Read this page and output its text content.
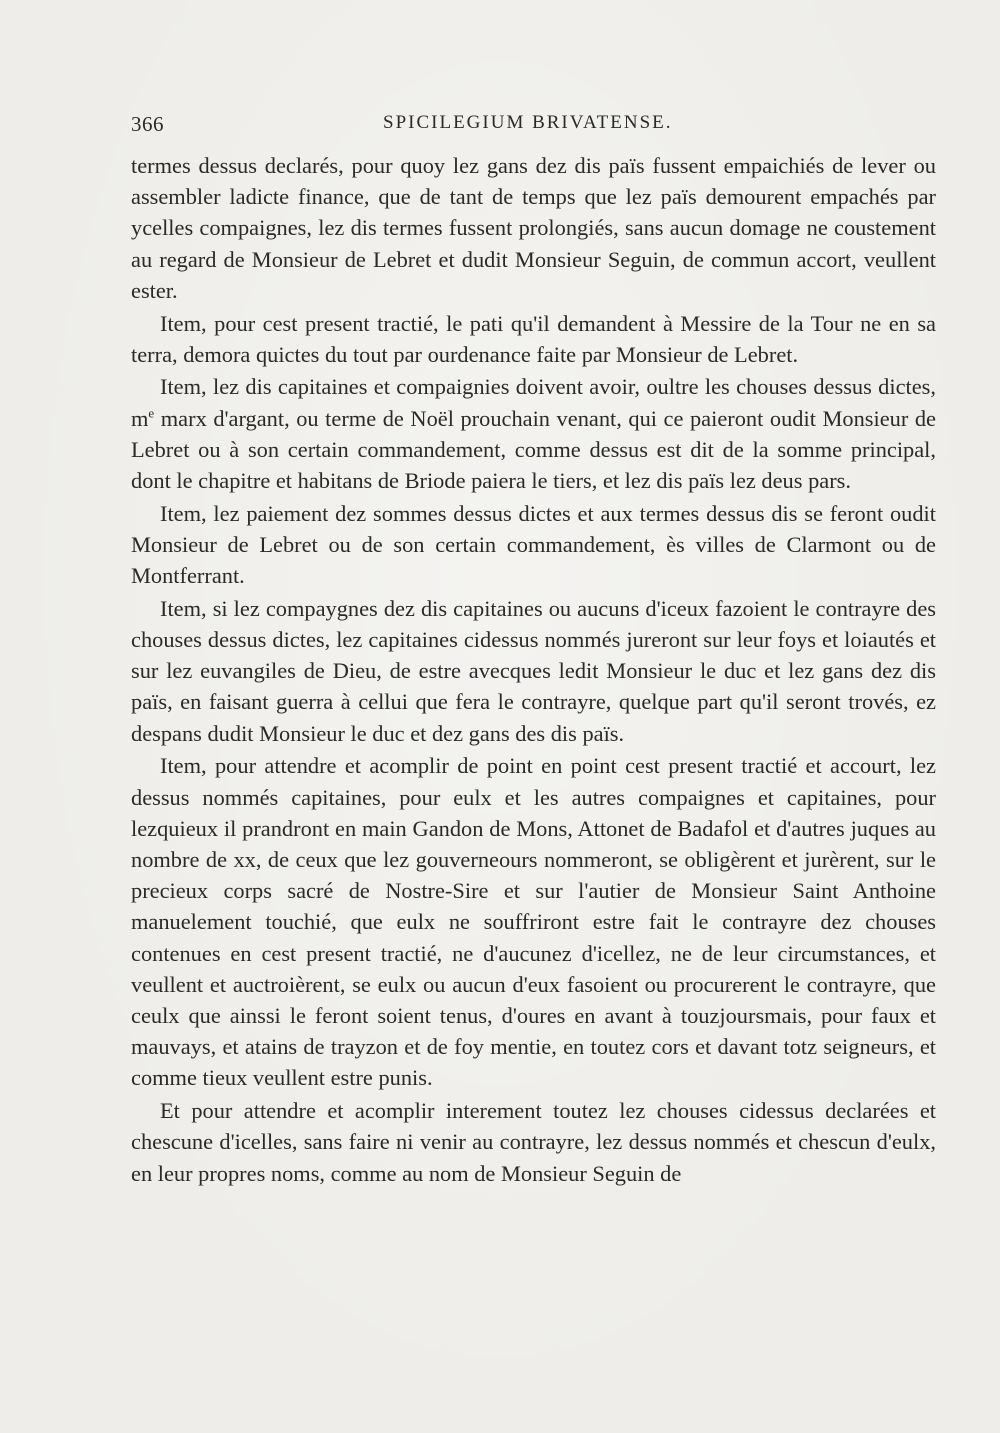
366	SPICILEGIUM BRIVATENSE.

termes dessus declarés, pour quoy lez gans dez dis païs fussent empaichiés de lever ou assembler ladicte finance, que de tant de temps que lez païs demourent empachés par ycelles compaignes, lez dis termes fussent prolongiés, sans aucun domage ne coustement au regard de Monsieur de Lebret et dudit Monsieur Seguin, de commun accort, veullent ester.

Item, pour cest present tractié, le pati qu'il demandent à Messire de la Tour ne en sa terra, demora quictes du tout par ourdenance faite par Monsieur de Lebret.

Item, lez dis capitaines et compaignies doivent avoir, oultre les chouses dessus dictes, $m^e$ marx d'argant, ou terme de Noël prouchain venant, qui ce paieront oudit Monsieur de Lebret ou à son certain commandement, comme dessus est dit de la somme principal, dont le chapitre et habitans de Briode paiera le tiers, et lez dis païs lez deus pars.

Item, lez paiement dez sommes dessus dictes et aux termes dessus dis se feront oudit Monsieur de Lebret ou de son certain commandement, ès villes de Clarmont ou de Montferrant.

Item, si lez compaygnes dez dis capitaines ou aucuns d'iceux fazoient le contrayre des chouses dessus dictes, lez capitaines cidessus nommés jureront sur leur foys et loiautés et sur lez euvangiles de Dieu, de estre avecques ledit Monsieur le duc et lez gans dez dis païs, en faisant guerra à cellui que fera le contrayre, quelque part qu'il seront trovés, ez despans dudit Monsieur le duc et dez gans des dis païs.

Item, pour attendre et acomplir de point en point cest present tractié et accourt, lez dessus nommés capitaines, pour eulx et les autres compaignes et capitaines, pour lezquieux il prandront en main Gandon de Mons, Attonet de Badafol et d'autres juques au nombre de xx, de ceux que lez gouverneours nommeront, se obligèrent et jurèrent, sur le precieux corps sacré de Nostre-Sire et sur l'autier de Monsieur Saint Anthoine manuelement touchié, que eulx ne souffriront estre fait le contrayre dez chouses contenues en cest present tractié, ne d'aucunez d'icellez, ne de leur circumstances, et veullent et auctroièrent, se eulx ou aucun d'eux fasoient ou procurerent le contrayre, que ceulx que ainssi le feront soient tenus, d'oures en avant à touzjoursmais, pour faux et mauvays, et atains de trayzon et de foy mentie, en toutez cors et davant totz seigneurs, et comme tieux veullent estre punis.

Et pour attendre et acomplir interement toutez lez chouses cidessus declarées et chescune d'icelles, sans faire ni venir au contrayre, lez dessus nommés et chescun d'eulx, en leur propres noms, comme au nom de Monsieur Seguin de
